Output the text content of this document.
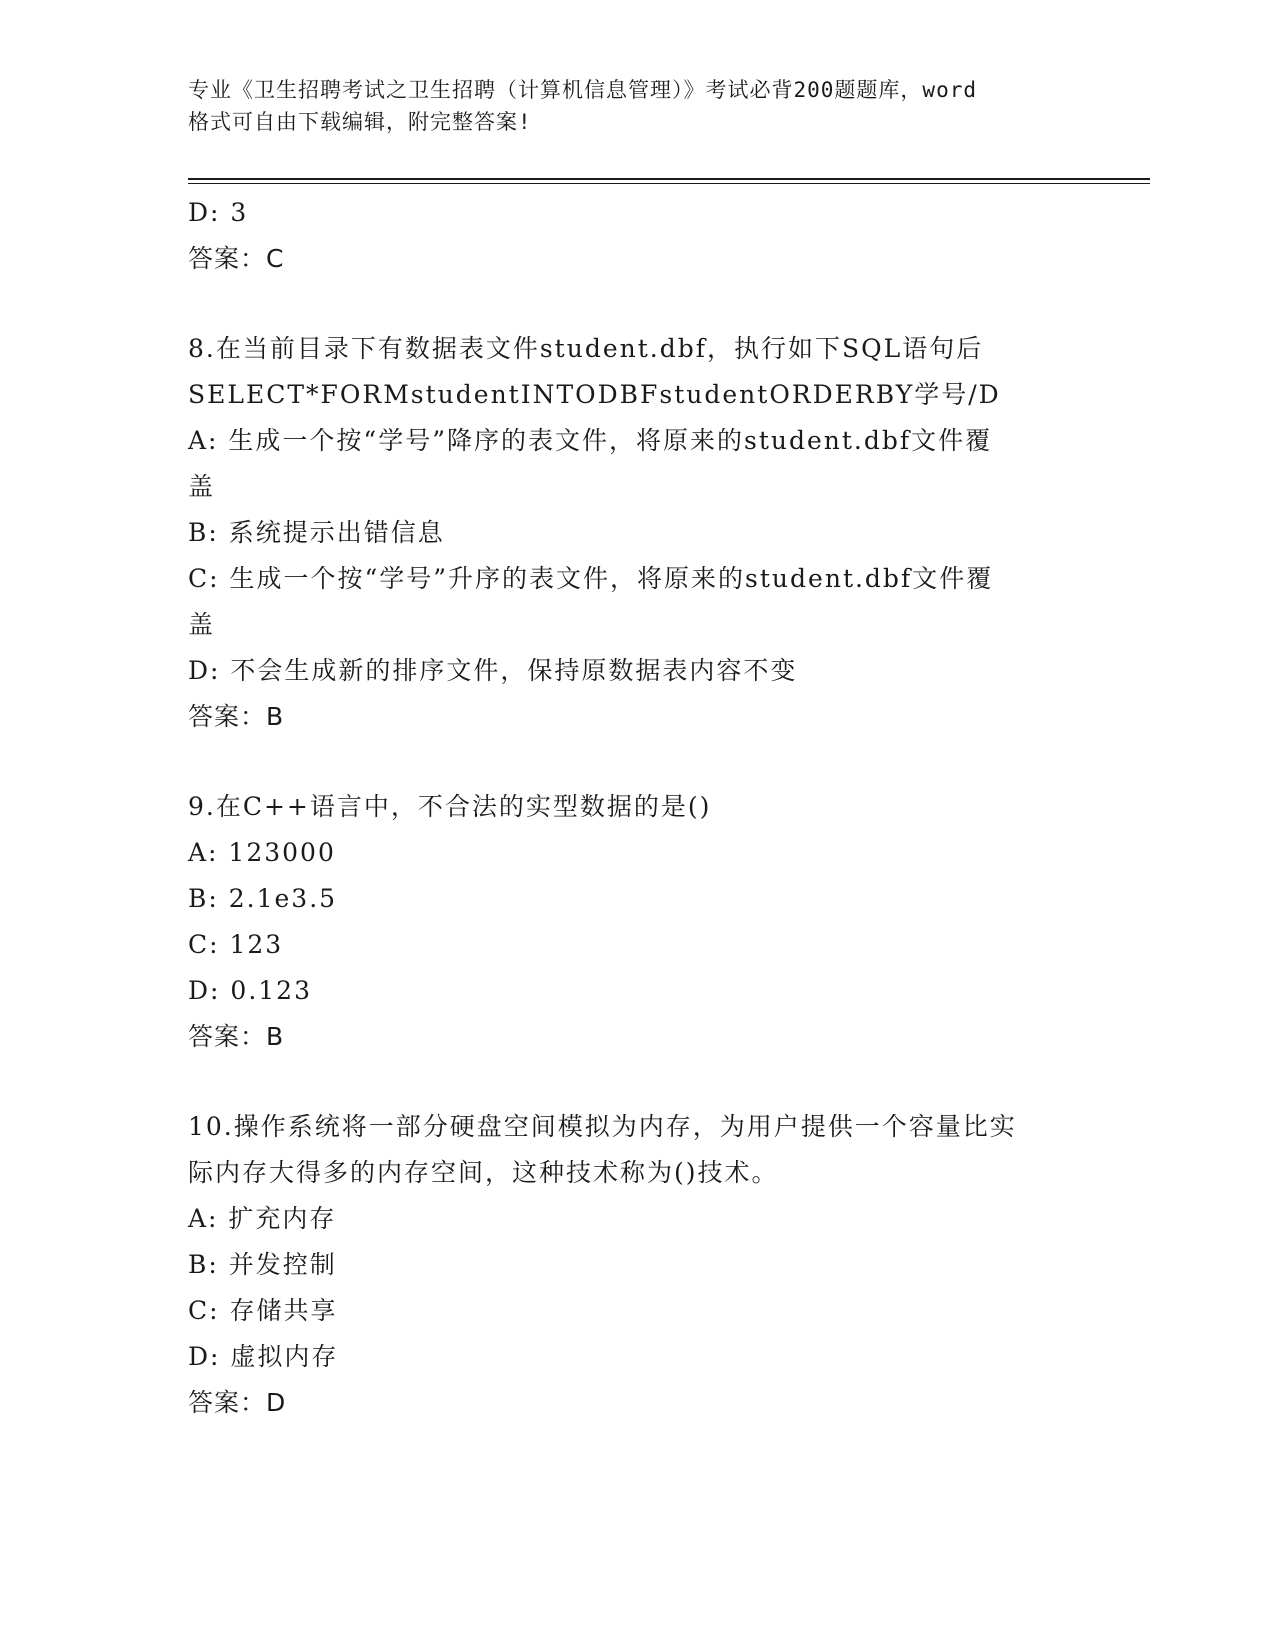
专业《卫生招聘考试之卫生招聘（计算机信息管理）》考试必背200题题库，word
格式可自由下载编辑，附完整答案!
D: 3
答案：C
8.在当前目录下有数据表文件student.dbf，执行如下SQL语句后
SELECT*FORMstudentINTODBFstudentORDERBY学号/D
A: 生成一个按“学号”降序的表文件，将原来的student.dbf文件覆
盖
B: 系统提示出错信息
C: 生成一个按“学号”升序的表文件，将原来的student.dbf文件覆
盖
D: 不会生成新的排序文件，保持原数据表内容不变
答案：B
9.在C++语言中，不合法的实型数据的是()
A: 123000
B: 2.1e3.5
C: 123
D: 0.123
答案：B
10.操作系统将一部分硬盘空间模拟为内存，为用户提供一个容量比实
际内存大得多的内存空间，这种技术称为()技术。
A: 扩充内存
B: 并发控制
C: 存储共享
D: 虚拟内存
答案：D
